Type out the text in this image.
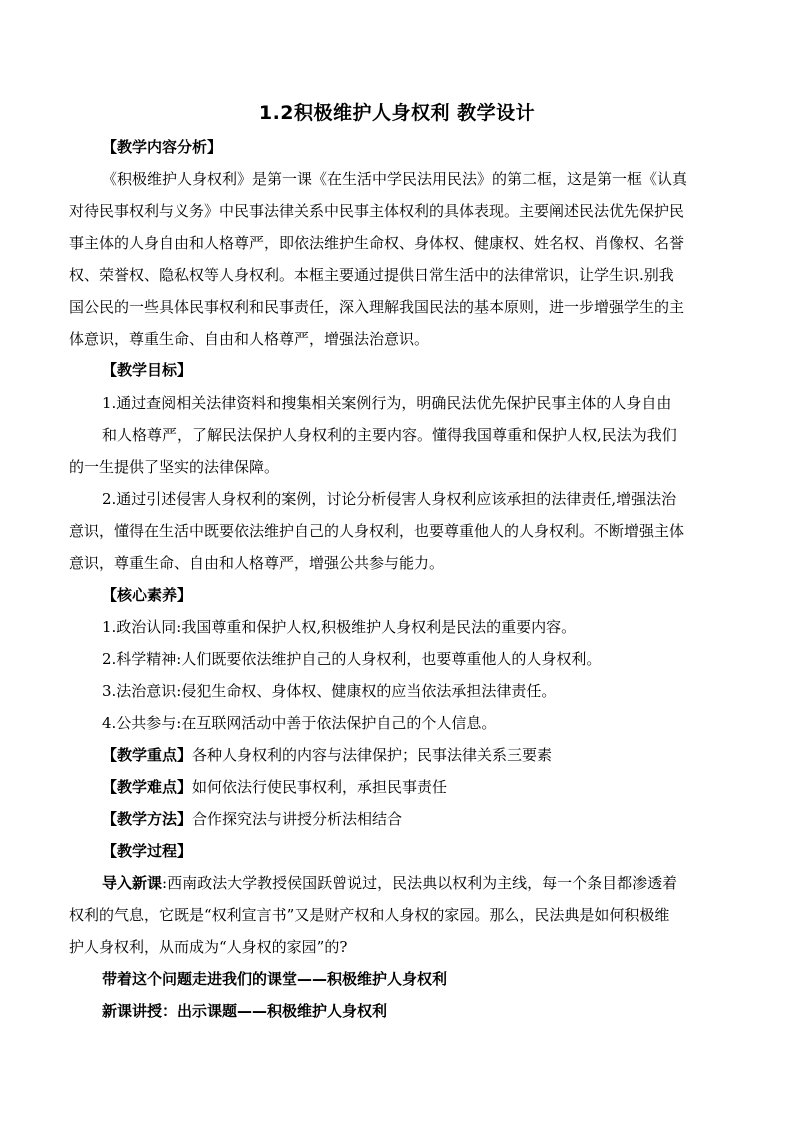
1.2积极维护人身权利 教学设计
【教学内容分析】
《积极维护人身权利》是第一课《在生活中学民法用民法》的第二框，这是第一框《认真
对待民事权利与义务》中民事法律关系中民事主体权利的具体表现。主要阐述民法优先保护民
事主体的人身自由和人格尊严，即依法维护生命权、身体权、健康权、姓名权、肖像权、名誉
权、荣誉权、隐私权等人身权利。本框主要通过提供日常生活中的法律常识，让学生识.别我
国公民的一些具体民事权利和民事责任，深入理解我国民法的基本原则，进一步增强学生的主
体意识，尊重生命、自由和人格尊严，增强法治意识。
【教学目标】
1.通过查阅相关法律资料和搜集相关案例行为，明确民法优先保护民事主体的人身自由
和人格尊严，了解民法保护人身权利的主要内容。懂得我国尊重和保护人权,民法为我们
的一生提供了坚实的法律保障。
2.通过引述侵害人身权利的案例，讨论分析侵害人身权利应该承担的法律责任,增强法治
意识，懂得在生活中既要依法维护自己的人身权利，也要尊重他人的人身权利。不断增强主体
意识，尊重生命、自由和人格尊严，增强公共参与能力。
【核心素养】
1.政治认同:我国尊重和保护人权,积极维护人身权利是民法的重要内容。
2.科学精神:人们既要依法维护自己的人身权利，也要尊重他人的人身权利。
3.法治意识:侵犯生命权、身体权、健康权的应当依法承担法律责任。
4.公共参与:在互联网活动中善于依法保护自己的个人信息。
【教学重点】各种人身权利的内容与法律保护；民事法律关系三要素
【教学难点】如何依法行使民事权利，承担民事责任
【教学方法】合作探究法与讲授分析法相结合
【教学过程】
导入新课:西南政法大学教授侯国跃曾说过，民法典以权利为主线，每一个条目都渗透着
权利的气息，它既是“权利宣言书”又是财产权和人身权的家园。那么，民法典是如何积极维
护人身权利，从而成为“人身权的家园”的?
带着这个问题走进我们的课堂——积极维护人身权利
新课讲授：出示课题——积极维护人身权利
